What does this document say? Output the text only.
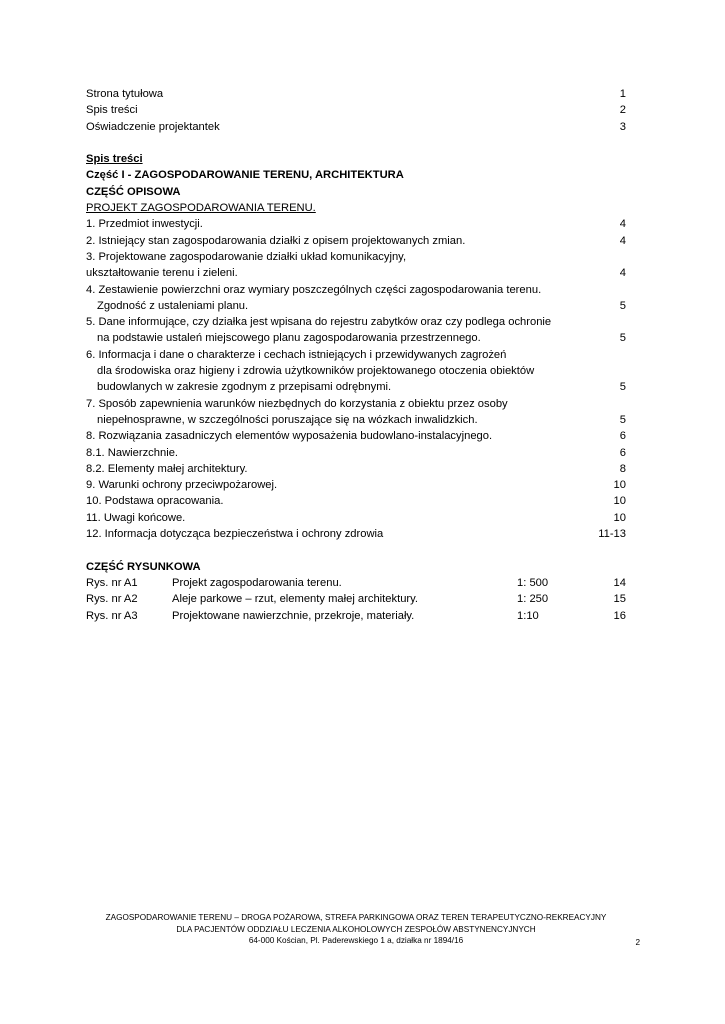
Strona tytułowa	1
Spis treści	2
Oświadczenie projektantek	3
Spis treści
Część I - ZAGOSPODAROWANIE TERENU, ARCHITEKTURA
CZĘŚĆ OPISOWA
PROJEKT ZAGOSPODAROWANIA TERENU.
1. Przedmiot inwestycji.	4
2. Istniejący stan zagospodarowania działki z opisem projektowanych zmian.	4
3. Projektowane zagospodarowanie działki układ komunikacyjny,
ukształtowanie terenu i zieleni.	4
4. Zestawienie powierzchni oraz wymiary poszczególnych części zagospodarowania terenu.
Zgodność z ustaleniami planu.	5
5. Dane informujące, czy działka jest wpisana do rejestru zabytków oraz czy podlega ochronie
na podstawie ustaleń miejscowego planu zagospodarowania przestrzennego.	5
6. Informacja i dane o charakterze i cechach istniejących i przewidywanych zagrożeń
dla środowiska oraz higieny i zdrowia użytkowników projektowanego otoczenia obiektów
budowlanych w zakresie zgodnym z przepisami odrębnymi.	5
7. Sposób zapewnienia warunków niezbędnych do korzystania z obiektu przez osoby
niepełnosprawne, w szczególności poruszające się na wózkach inwalidzkich.	5
8. Rozwiązania zasadniczych elementów wyposażenia budowlano-instalacyjnego.	6
8.1. Nawierzchnie.	6
8.2. Elementy małej architektury.	8
9. Warunki ochrony przeciwpożarowej.	10
10. Podstawa opracowania.	10
11. Uwagi końcowe.	10
12. Informacja dotycząca bezpieczeństwa i ochrony zdrowia	11-13
CZĘŚĆ RYSUNKOWA
Rys. nr A1	Projekt zagospodarowania terenu.	1: 500	14
Rys. nr A2	Aleje parkowe – rzut, elementy małej architektury.	1: 250	15
Rys. nr A3	Projektowane nawierzchnie, przekroje, materiały.	1:10	16
ZAGOSPODAROWANIE TERENU – DROGA POŻAROWA, STREFA PARKINGOWA ORAZ TEREN TERAPEUTYCZNO-REKREACYJNY
DLA PACJENTÓW ODDZIAŁU LECZENIA ALKOHOLOWYCH ZESPOŁÓW ABSTYNENCYJNYCH
64-000 Kościan, Pl. Paderewskiego 1 a, działka nr 1894/16	2
